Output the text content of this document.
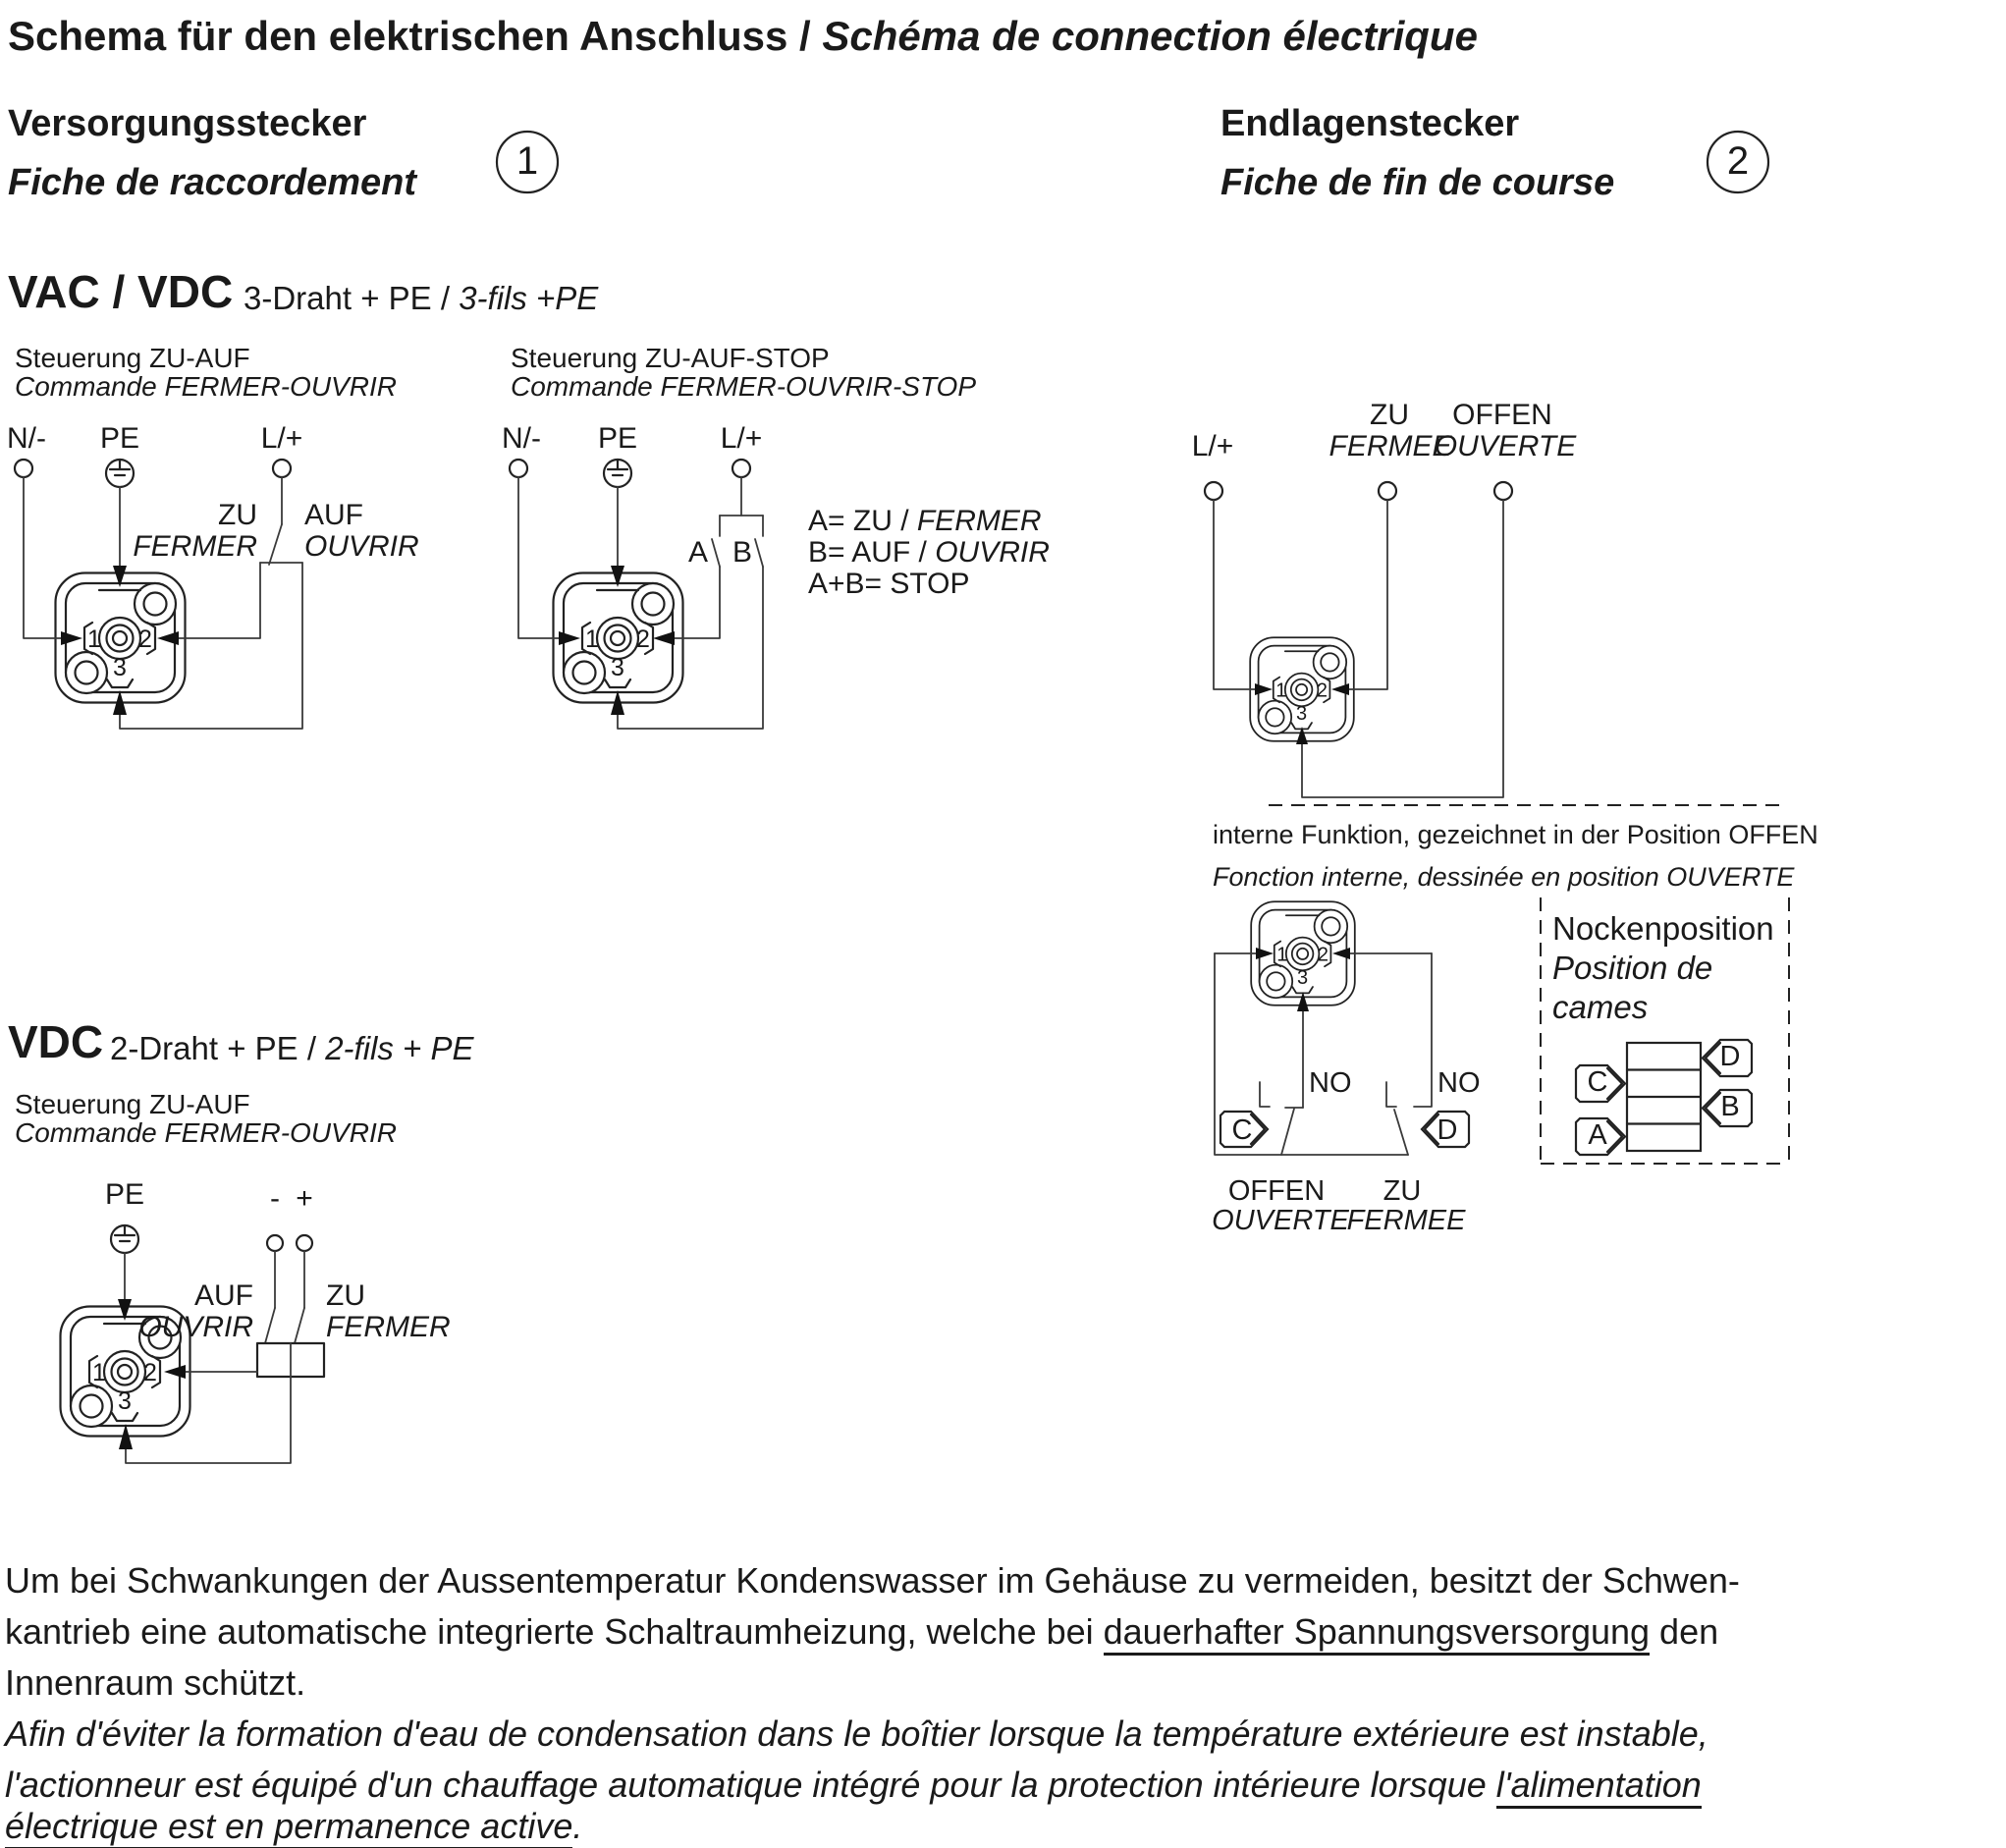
1	2
3
Schema für den elektrischen Anschluss / Schéma de connection électrique
Versorgungsstecker
Fiche de raccordement	1
Endlagenstecker
Fiche de fin de course	2
VAC / VDC 3-Draht + PE / 3-fils +PE
Steuerung ZU-AUF
Commande FERMER-OUVRIR
N/- PE	L/+
ZU
FERMER
AUF
OUVRIR
Steuerung ZU-AUF-STOP
Commande FERMER-OUVRIR-STOP
N/- PE	L/+
A B
A= ZU / FERMER
B= AUF / OUVRIR
A+B= STOP
ZU OFFEN
FERMEE
OUVERTE
L/+
interne Funktion, gezeichnet in der Position OFFEN
Fonction interne, dessinée en position OUVERTE
NO	NO
C	D
OFFEN
OUVERTE
ZU
FERMEE
Nockenposition
Position de
cames
C
A
D
B
VDC 2-Draht + PE / 2-fils + PE
Steuerung ZU-AUF
Commande FERMER-OUVRIR
PE	- +
AUF
OUVRIR
ZU
FERMER
Um bei Schwankungen der Aussentemperatur Kondenswasser im Gehäuse zu vermeiden, besitzt der Schwen-
kantrieb eine automatische integrierte Schaltraumheizung, welche bei dauerhafter Spannungsversorgung den
Innenraum schützt.
Afin d'éviter la formation d'eau de condensation dans le boîtier lorsque la température extérieure est instable,
l'actionneur est équipé d'un chauffage automatique intégré pour la protection intérieure lorsque l'alimentation
électrique est en permanence active.
